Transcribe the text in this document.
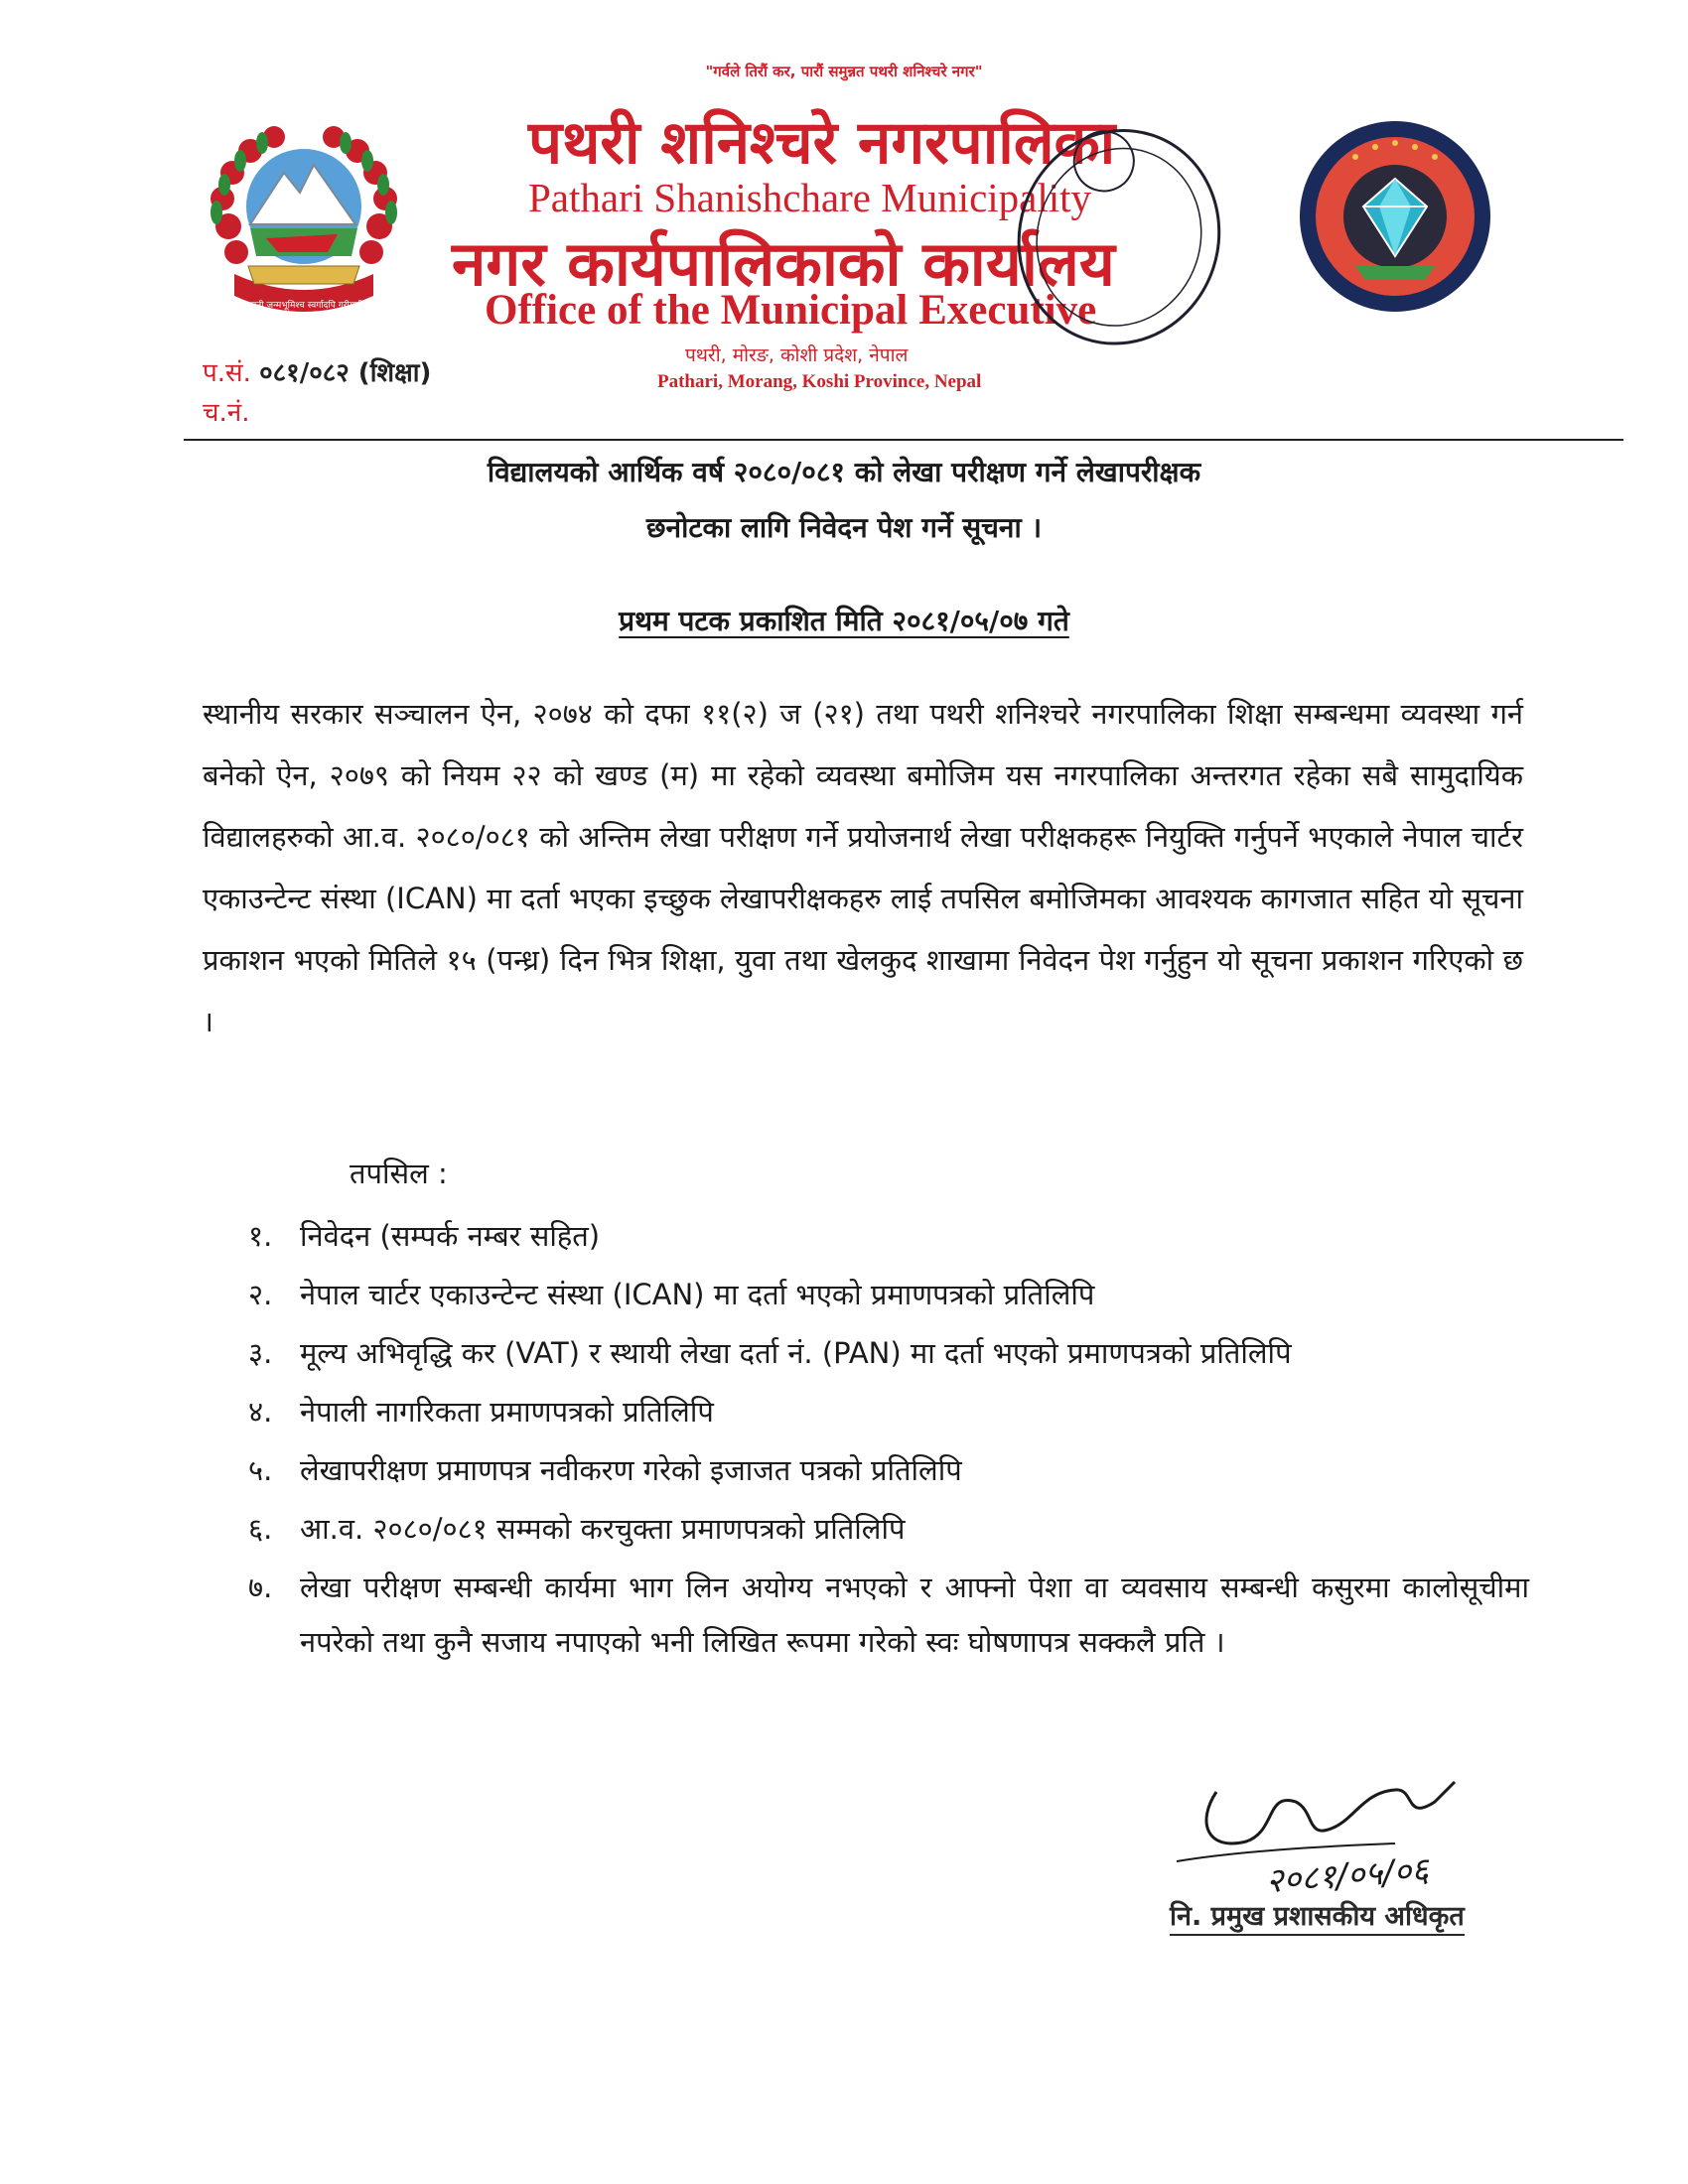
"गर्वले तिरौं कर, पारौं समुन्नत पथरी शनिश्चरे नगर"
जननी जन्मभूमिश्च स्वर्गादपि गरीयसी
पथरी शनिश्चरे नगरपालिका
Pathari Shanishchare Municipality
नगर कार्यपालिकाको कार्यालय
Office of the Municipal Executive
पथरी, मोरङ, कोशी प्रदेश, नेपाल
Pathari, Morang, Koshi Province, Nepal
प.सं. ०८१/०८२ (शिक्षा)
च.नं.
विद्यालयको आर्थिक वर्ष २०८०/०८१ को लेखा परीक्षण गर्ने लेखापरीक्षक
छनोटका लागि निवेदन पेश गर्ने सूचना ।
प्रथम पटक प्रकाशित मिति २०८१/०५/०७ गते
स्थानीय सरकार सञ्चालन ऐन, २०७४ को दफा ११(२) ज (२१) तथा पथरी शनिश्चरे नगरपालिका शिक्षा सम्बन्धमा व्यवस्था गर्न बनेको ऐन, २०७९ को नियम २२ को खण्ड (म) मा रहेको व्यवस्था बमोजिम यस नगरपालिका अन्तरगत रहेका सबै सामुदायिक विद्यालहरुको आ.व. २०८०/०८१ को अन्तिम लेखा परीक्षण गर्ने प्रयोजनार्थ लेखा परीक्षकहरू नियुक्ति गर्नुपर्ने भएकाले नेपाल चार्टर एकाउन्टेन्ट संस्था (ICAN) मा दर्ता भएका इच्छुक लेखापरीक्षकहरु लाई तपसिल बमोजिमका आवश्यक कागजात सहित यो सूचना प्रकाशन भएको मितिले १५ (पन्ध्र) दिन भित्र शिक्षा, युवा तथा खेलकुद शाखामा निवेदन पेश गर्नुहुन यो सूचना प्रकाशन गरिएको छ ।
तपसिल :
१. निवेदन (सम्पर्क नम्बर सहित)
२. नेपाल चार्टर एकाउन्टेन्ट संस्था (ICAN) मा दर्ता भएको प्रमाणपत्रको प्रतिलिपि
३. मूल्य अभिवृद्धि कर (VAT) र स्थायी लेखा दर्ता नं. (PAN) मा दर्ता भएको प्रमाणपत्रको प्रतिलिपि
४. नेपाली नागरिकता प्रमाणपत्रको प्रतिलिपि
५. लेखापरीक्षण प्रमाणपत्र नवीकरण गरेको इजाजत पत्रको प्रतिलिपि
६. आ.व. २०८०/०८१ सम्मको करचुक्ता प्रमाणपत्रको प्रतिलिपि
७. लेखा परीक्षण सम्बन्धी कार्यमा भाग लिन अयोग्य नभएको र आफ्नो पेशा वा व्यवसाय सम्बन्धी कसुरमा कालोसूचीमा नपरेको तथा कुनै सजाय नपाएको भनी लिखित रूपमा गरेको स्वः घोषणापत्र सक्कलै प्रति ।
२०८१/०५/०६
नि. प्रमुख प्रशासकीय अधिकृत
